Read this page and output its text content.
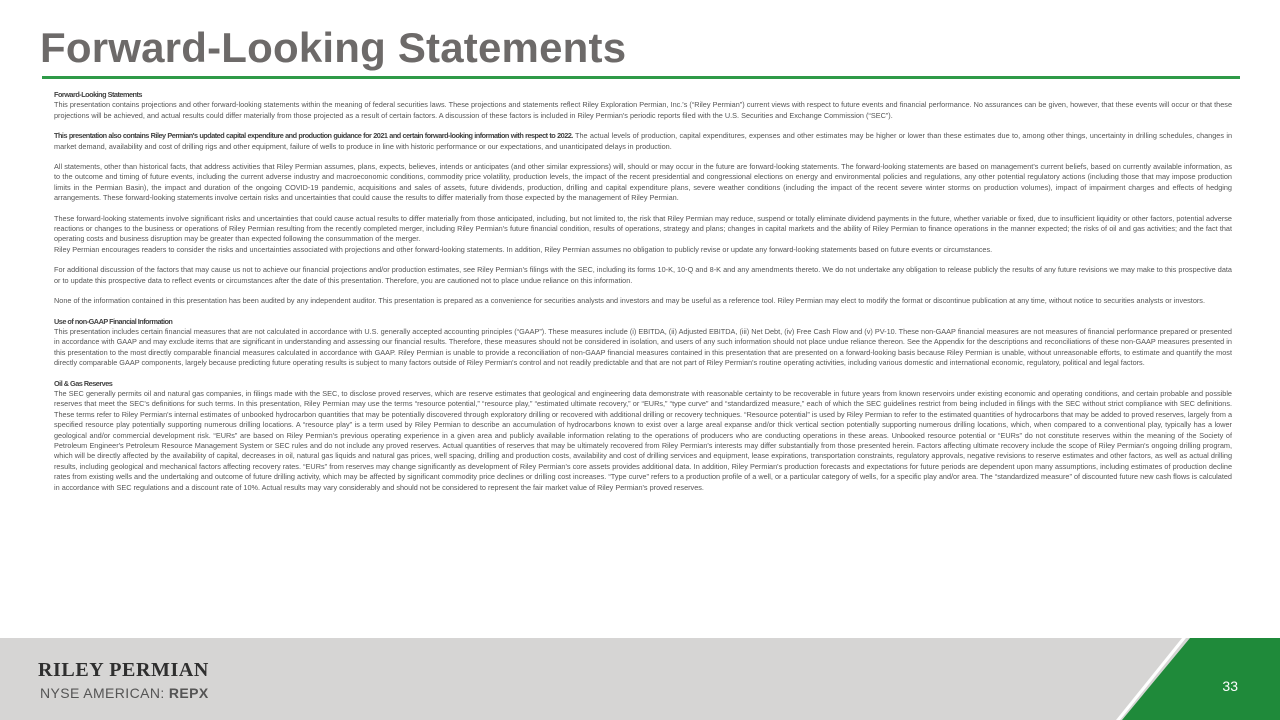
Forward-Looking Statements

Forward-Looking Statements

This presentation contains projections and other forward-looking statements within the meaning of federal securities laws. These projections and statements reflect Riley Exploration Permian, Inc.'s (“Riley Permian”) current views with respect to future events and financial performance. No assurances can be given, however, that these events will occur or that these projections will be achieved, and actual results could differ materially from those projected as a result of certain factors. A discussion of these factors is included in Riley Permian's periodic reports filed with the U.S. Securities and Exchange Commission (“SEC”).

This presentation also contains Riley Permian's updated capital expenditure and production guidance for 2021 and certain forward-looking information with respect to 2022. The actual levels of production, capital expenditures, expenses and other estimates may be higher or lower than these estimates due to, among other things, uncertainty in drilling schedules, changes in market demand, availability and cost of drilling rigs and other equipment, failure of wells to produce in line with historic performance or our expectations, and unanticipated delays in production.

All statements, other than historical facts, that address activities that Riley Permian assumes, plans, expects, believes, intends or anticipates (and other similar expressions) will, should or may occur in the future are forward-looking statements. The forward-looking statements are based on management's current beliefs, based on currently available information, as to the outcome and timing of future events, including the current adverse industry and macroeconomic conditions, commodity price volatility, production levels, the impact of the recent presidential and congressional elections on energy and environmental policies and regulations, any other potential regulatory actions (including those that may impose production limits in the Permian Basin), the impact and duration of the ongoing COVID-19 pandemic, acquisitions and sales of assets, future dividends, production, drilling and capital expenditure plans, severe weather conditions (including the impact of the recent severe winter storms on production volumes), impact of impairment charges and effects of hedging arrangements. These forward-looking statements involve certain risks and uncertainties that could cause the results to differ materially from those expected by the management of Riley Permian.

These forward-looking statements involve significant risks and uncertainties that could cause actual results to differ materially from those anticipated, including, but not limited to, the risk that Riley Permian may reduce, suspend or totally eliminate dividend payments in the future, whether variable or fixed, due to insufficient liquidity or other factors, potential adverse reactions or changes to the business or operations of Riley Permian resulting from the recently completed merger, including Riley Permian's future financial condition, results of operations, strategy and plans; changes in capital markets and the ability of Riley Permian to finance operations in the manner expected; the risks of oil and gas activities; and the fact that operating costs and business disruption may be greater than expected following the consummation of the merger.

Riley Permian encourages readers to consider the risks and uncertainties associated with projections and other forward-looking statements. In addition, Riley Permian assumes no obligation to publicly revise or update any forward-looking statements based on future events or circumstances.

For additional discussion of the factors that may cause us not to achieve our financial projections and/or production estimates, see Riley Permian's filings with the SEC, including its forms 10-K, 10-Q and 8-K and any amendments thereto. We do not undertake any obligation to release publicly the results of any future revisions we may make to this prospective data or to update this prospective data to reflect events or circumstances after the date of this presentation. Therefore, you are cautioned not to place undue reliance on this information.

None of the information contained in this presentation has been audited by any independent auditor. This presentation is prepared as a convenience for securities analysts and investors and may be useful as a reference tool. Riley Permian may elect to modify the format or discontinue publication at any time, without notice to securities analysts or investors.

Use of non-GAAP Financial Information

This presentation includes certain financial measures that are not calculated in accordance with U.S. generally accepted accounting principles (“GAAP”). These measures include (i) EBITDA, (ii) Adjusted EBITDA, (iii) Net Debt, (iv) Free Cash Flow and (v) PV-10. These non-GAAP financial measures are not measures of financial performance prepared or presented in accordance with GAAP and may exclude items that are significant in understanding and assessing our financial results. Therefore, these measures should not be considered in isolation, and users of any such information should not place undue reliance thereon. See the Appendix for the descriptions and reconciliations of these non-GAAP measures presented in this presentation to the most directly comparable financial measures calculated in accordance with GAAP. Riley Permian is unable to provide a reconciliation of non-GAAP financial measures contained in this presentation that are presented on a forward-looking basis because Riley Permian is unable, without unreasonable efforts, to estimate and quantify the most directly comparable GAAP components, largely because predicting future operating results is subject to many factors outside of Riley Permian's control and not readily predictable and that are not part of Riley Permian's routine operating activities, including various domestic and international economic, regulatory, political and legal factors.

Oil & Gas Reserves

The SEC generally permits oil and natural gas companies, in filings made with the SEC, to disclose proved reserves, which are reserve estimates that geological and engineering data demonstrate with reasonable certainty to be recoverable in future years from known reservoirs under existing economic and operating conditions, and certain probable and possible reserves that meet the SEC's definitions for such terms. In this presentation, Riley Permian may use the terms “resource potential,” “resource play,” “estimated ultimate recovery,” or “EURs,” “type curve” and “standardized measure,” each of which the SEC guidelines restrict from being included in filings with the SEC without strict compliance with SEC definitions. These terms refer to Riley Permian's internal estimates of unbooked hydrocarbon quantities that may be potentially discovered through exploratory drilling or recovered with additional drilling or recovery techniques. “Resource potential” is used by Riley Permian to refer to the estimated quantities of hydrocarbons that may be added to proved reserves, largely from a specified resource play potentially supporting numerous drilling locations. A “resource play” is a term used by Riley Permian to describe an accumulation of hydrocarbons known to exist over a large areal expanse and/or thick vertical section potentially supporting numerous drilling locations, which, when compared to a conventional play, typically has a lower geological and/or commercial development risk. “EURs” are based on Riley Permian's previous operating experience in a given area and publicly available information relating to the operations of producers who are conducting operations in these areas. Unbooked resource potential or “EURs” do not constitute reserves within the meaning of the Society of Petroleum Engineer's Petroleum Resource Management System or SEC rules and do not include any proved reserves. Actual quantities of reserves that may be ultimately recovered from Riley Permian's interests may differ substantially from those presented herein. Factors affecting ultimate recovery include the scope of Riley Permian's ongoing drilling program, which will be directly affected by the availability of capital, decreases in oil, natural gas liquids and natural gas prices, well spacing, drilling and production costs, availability and cost of drilling services and equipment, lease expirations, transportation constraints, regulatory approvals, negative revisions to reserve estimates and other factors, as well as actual drilling results, including geological and mechanical factors affecting recovery rates. “EURs” from reserves may change significantly as development of Riley Permian's core assets provides additional data. In addition, Riley Permian's production forecasts and expectations for future periods are dependent upon many assumptions, including estimates of production decline rates from existing wells and the undertaking and outcome of future drilling activity, which may be affected by significant commodity price declines or drilling cost increases. “Type curve” refers to a production profile of a well, or a particular category of wells, for a specific play and/or area. The “standardized measure” of discounted future new cash flows is calculated in accordance with SEC regulations and a discount rate of 10%. Actual results may vary considerably and should not be considered to represent the fair market value of Riley Permian's proved reserves.

RILEY PERMIAN
NYSE AMERICAN: REPX	33
